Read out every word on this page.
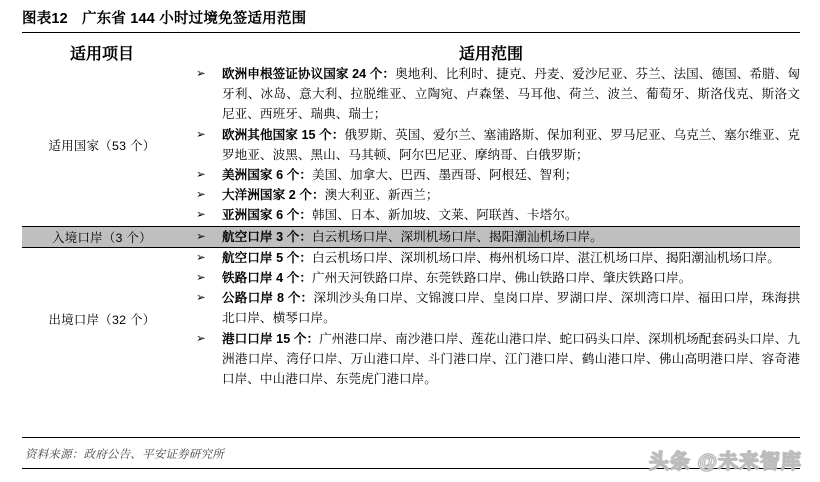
图表12 广东省 144 小时过境免签适用范围
适用项目	适用范围
适用国家（53 个）	
➢	欧洲申根签证协议国家 24 个：奥地利、比利时、捷克、丹麦、爱沙尼亚、芬兰、法国、德国、希腊、匈牙利、冰岛、意大利、拉脱维亚、立陶宛、卢森堡、马耳他、荷兰、波兰、葡萄牙、斯洛伐克、斯洛文尼亚、西班牙、瑞典、瑞士；
➢	欧洲其他国家 15 个：俄罗斯、英国、爱尔兰、塞浦路斯、保加利亚、罗马尼亚、乌克兰、塞尔维亚、克罗地亚、波黑、黑山、马其顿、阿尔巴尼亚、摩纳哥、白俄罗斯；
➢	美洲国家 6 个：美国、加拿大、巴西、墨西哥、阿根廷、智利；
➢	大洋洲国家 2 个：澳大利亚、新西兰；
➢	亚洲国家 6 个：韩国、日本、新加坡、文莱、阿联酋、卡塔尔。

入境口岸（3 个）	➢	航空口岸 3 个：白云机场口岸、深圳机场口岸、揭阳潮汕机场口岸。

出境口岸（32 个）	
➢	航空口岸 5 个：白云机场口岸、深圳机场口岸、梅州机场口岸、湛江机场口岸、揭阳潮汕机场口岸。
➢	铁路口岸 4 个：广州天河铁路口岸、东莞铁路口岸、佛山铁路口岸、肇庆铁路口岸。
➢	公路口岸 8 个：深圳沙头角口岸、文锦渡口岸、皇岗口岸、罗湖口岸、深圳湾口岸、福田口岸，珠海拱北口岸、横琴口岸。
➢	港口口岸 15 个：广州港口岸、南沙港口岸、莲花山港口岸、蛇口码头口岸、深圳机场配套码头口岸、九洲港口岸、湾仔口岸、万山港口岸、斗门港口岸、江门港口岸、鹤山港口岸、佛山高明港口岸、容奇港口岸、中山港口岸、东莞虎门港口岸。
资料来源：政府公告、平安证券研究所	头条 @未来智库
